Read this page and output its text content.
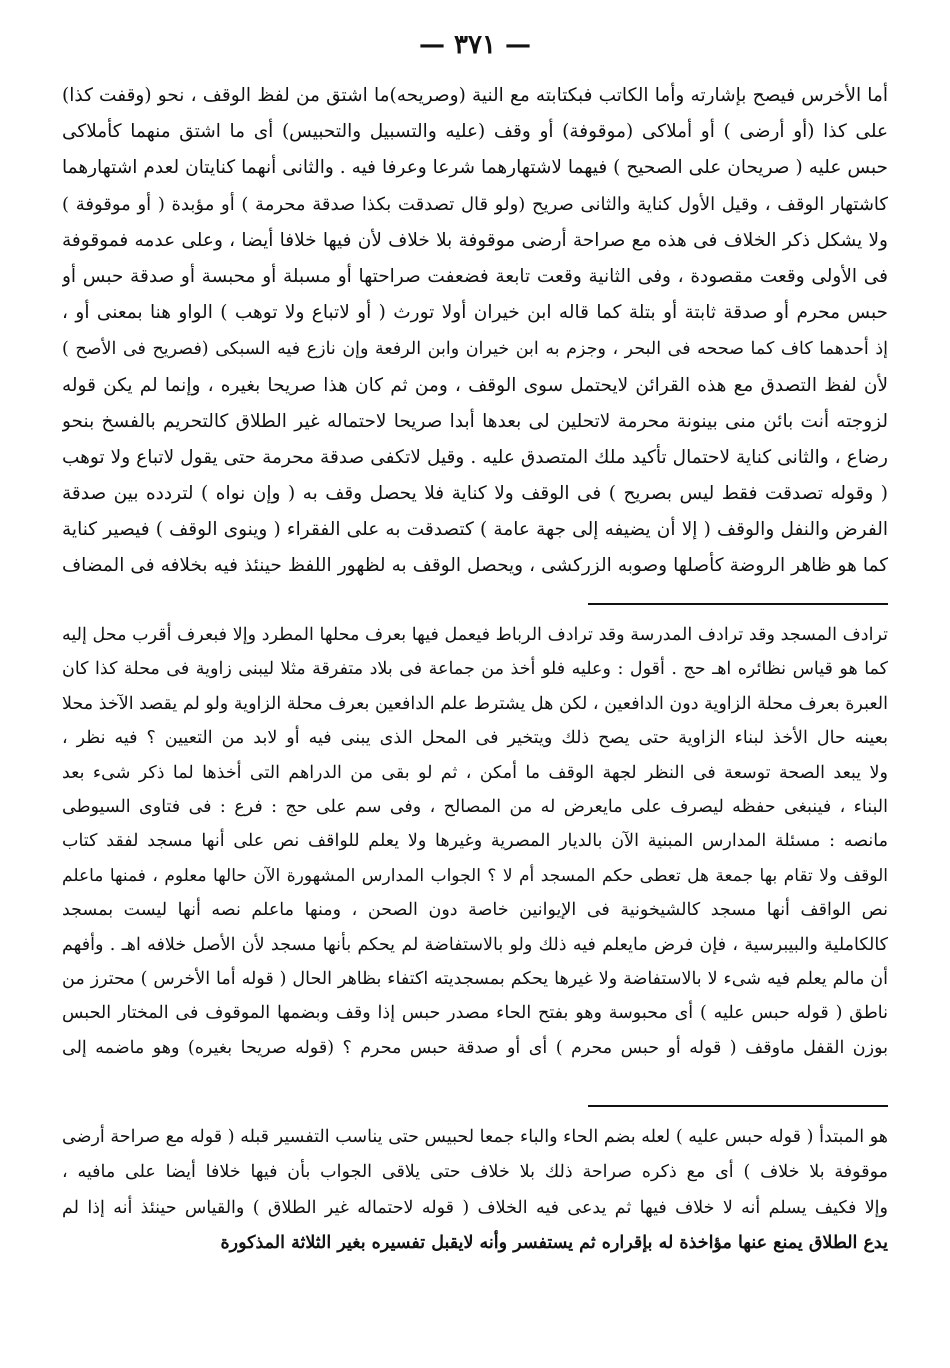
— ٣٧١ —
أما الأخرس فيصح بإشارته وأما الكاتب فبكتابته مع النية (وصريحه)ما اشتق من لفظ الوقف ، نحو (وقفت كذا)
على كذا (أو أرضى ) أو أملاكى (موقوفة) أو وقف (عليه والتسبيل والتحبيس) أى ما اشتق منهما كأملاكى
حبس عليه ( صريحان على الصحيح ) فيهما لاشتهارهما شرعا وعرفا فيه . والثانى أنهما كنايتان لعدم اشتهارهما
كاشتهار الوقف ، وقيل الأول كناية والثانى صريح (ولو قال تصدقت بكذا صدقة محرمة ) أو مؤبدة ( أو موقوفة )
ولا يشكل ذكر الخلاف فى هذه مع صراحة أرضى موقوفة بلا خلاف لأن فيها خلافا أيضا ، وعلى عدمه فموقوفة
فى الأولى وقعت مقصودة ، وفى الثانية وقعت تابعة فضعفت صراحتها أو مسبلة أو محبسة أو صدقة حبس أو
حبس محرم أو صدقة ثابتة أو بتلة كما قاله ابن خيران أولا تورث ( أو لاتباع ولا توهب ) الواو هنا بمعنى أو ،
إذ أحدهما كاف كما صححه فى البحر ، وجزم به ابن خيران وابن الرفعة وإن نازع فيه السبكى (فصريح فى الأصح )
لأن لفظ التصدق مع هذه القرائن لايحتمل سوى الوقف ، ومن ثم كان هذا صريحا بغيره ، وإنما لم يكن قوله
لزوجته أنت بائن منى بينونة محرمة لاتحلين لى بعدها أبدا صريحا لاحتماله غير الطلاق كالتحريم بالفسخ بنحو
رضاع ، والثانى كناية لاحتمال تأكيد ملك المتصدق عليه . وقيل لاتكفى صدقة محرمة حتى يقول لاتباع ولا توهب
( وقوله تصدقت فقط ليس بصريح ) فى الوقف ولا كناية فلا يحصل وقف به ( وإن نواه ) لتردده بين صدقة
الفرض والنفل والوقف ( إلا أن يضيفه إلى جهة عامة ) كتصدقت به على الفقراء ( وينوى الوقف ) فيصير كناية
كما هو ظاهر الروضة كأصلها وصوبه الزركشى ، ويحصل الوقف به لظهور اللفظ حينئذ فيه بخلافه فى المضاف
ترادف المسجد وقد ترادف المدرسة وقد ترادف الرباط فيعمل فيها بعرف محلها المطرد وإلا فبعرف أقرب محل إليه
كما هو قياس نظائره اهـ حج . أقول : وعليه فلو أخذ من جماعة فى بلاد متفرقة مثلا ليبنى زاوية فى محلة كذا كان
العبرة بعرف محلة الزاوية دون الدافعين ، لكن هل يشترط علم الدافعين بعرف محلة الزاوية ولو لم يقصد الآخذ محلا
بعينه حال الأخذ لبناء الزاوية حتى يصح ذلك ويتخير فى المحل الذى يبنى فيه أو لابد من التعيين ؟ فيه نظر ،
ولا يبعد الصحة توسعة فى النظر لجهة الوقف ما أمكن ، ثم لو بقى من الدراهم التى أخذها لما ذكر شىء بعد
البناء ، فينبغى حفظه ليصرف على مايعرض له من المصالح ، وفى سم على حج : فرع : فى فتاوى السيوطى
مانصه : مسئلة المدارس المبنية الآن بالديار المصرية وغيرها ولا يعلم للواقف نص على أنها مسجد لفقد كتاب
الوقف ولا تقام بها جمعة هل تعطى حكم المسجد أم لا ؟ الجواب المدارس المشهورة الآن حالها معلوم ، فمنها ماعلم
نص الواقف أنها مسجد كالشيخونية فى الإيوانين خاصة دون الصحن ، ومنها ماعلم نصه أنها ليست بمسجد
كالكاملية والبيبرسية ، فإن فرض مايعلم فيه ذلك ولو بالاستفاضة لم يحكم بأنها مسجد لأن الأصل خلافه اهـ . وأفهم
أن مالم يعلم فيه شىء لا بالاستفاضة ولا غيرها يحكم بمسجديته اكتفاء بظاهر الحال ( قوله أما الأخرس ) محترز من
ناطق ( قوله حبس عليه ) أى محبوسة وهو بفتح الحاء مصدر حبس إذا وقف وبضمها الموقوف فى المختار الحبس
بوزن القفل ماوقف ( قوله أو حبس محرم ) أى أو صدقة حبس محرم ؟ (قوله صريحا بغيره) وهو ماضمه إلى
هو المبتدأ ( قوله حبس عليه ) لعله بضم الحاء والباء جمعا لحبيس حتى يناسب التفسير قبله ( قوله مع صراحة أرضى
موقوفة بلا خلاف ) أى مع ذكره صراحة ذلك بلا خلاف حتى يلاقى الجواب بأن فيها خلافا أيضا على مافيه ،
وإلا فكيف يسلم أنه لا خلاف فيها ثم يدعى فيه الخلاف ( قوله لاحتماله غير الطلاق ) والقياس حينئذ أنه إذا لم
يدع الطلاق يمنع عنها مؤاخذة له بإقراره ثم يستفسر وأنه لايقبل تفسيره بغير الثلاثة المذكورة
